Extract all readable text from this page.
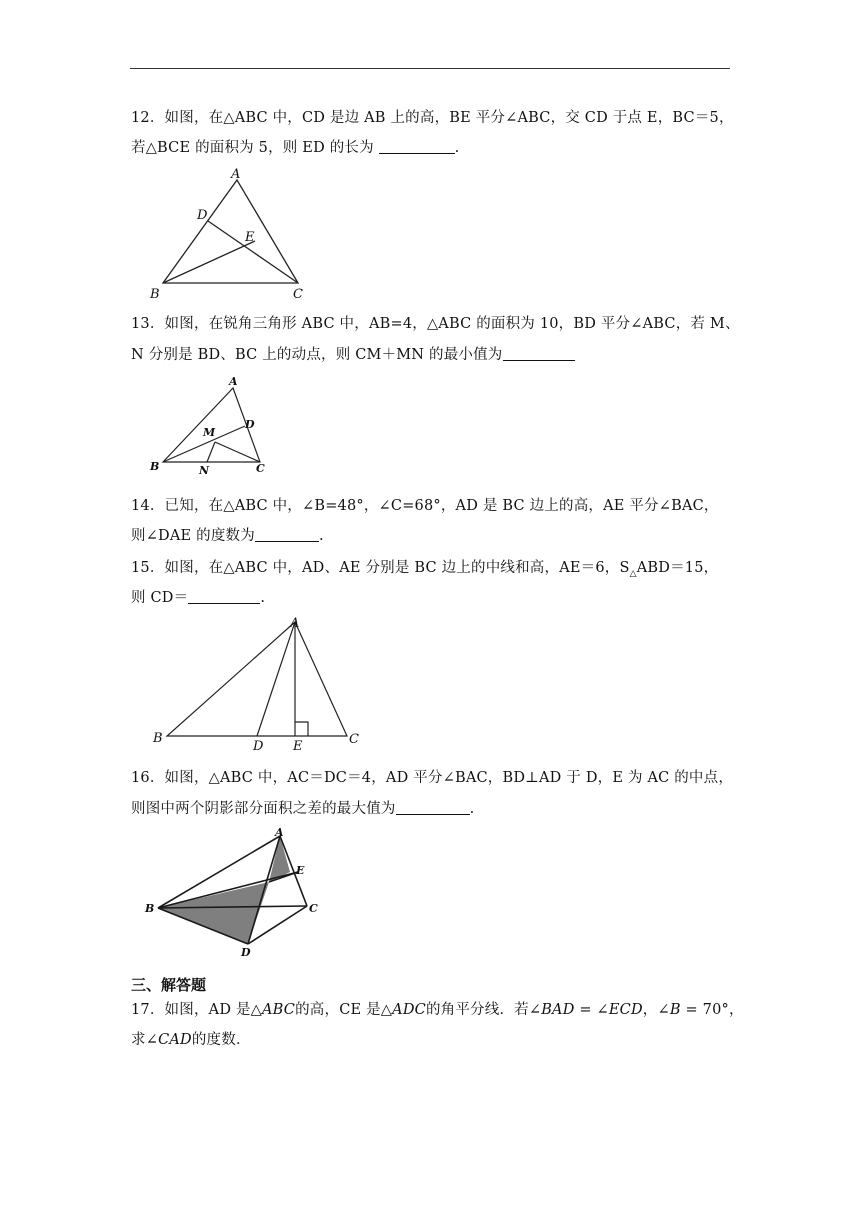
12．如图，在△ABC 中，CD 是边 AB 上的高，BE 平分∠ABC，交 CD 于点 E，BC＝5，
若△BCE 的面积为 5，则 ED 的长为	.
A
D
E
B	C
13．如图，在锐角三角形 ABC 中，AB=4，△ABC 的面积为 10，BD 平分∠ABC，若 M、
N 分别是 BD、BC 上的动点，则 CM＋MN 的最小值为
A
D
M
B	N	C
14．已知，在△ABC 中，∠B=48°，∠C=68°，AD 是 BC 边上的高，AE 平分∠BAC，
则∠DAE 的度数为	.
15．如图，在△ABC 中，AD、AE 分别是 BC 边上的中线和高，AE＝6，$S_\triangle ABD=15$，
则 CD＝	.
A
B
D E	C
16．如图，△ABC 中，AC＝DC＝4，AD 平分∠BAC，BD⊥AD 于 D，E 为 AC 的中点，
则图中两个阴影部分面积之差的最大值为	.
A
E
B	C
D
三、解答题
17．如图，AD 是△ABC的高，CE 是△ADC的角平分线．若∠BAD = ∠ECD，∠B = 70°，
求∠CAD的度数．
